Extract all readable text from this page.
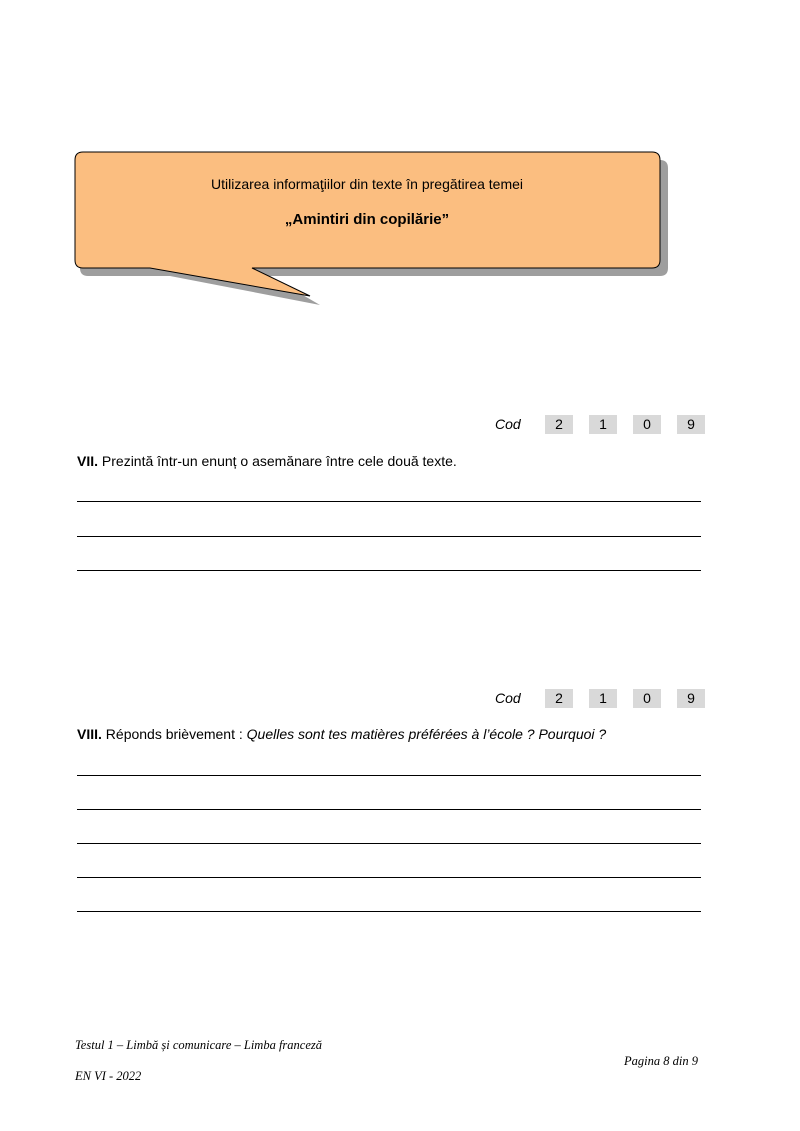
Utilizarea informaţiilor din texte în pregătirea temei
„Amintiri din copilărie”
Cod	2	1	0	9
VII. Prezintă într-un enunț o asemănare între cele două texte.
Cod	2	1	0	9
VIII. Réponds brièvement : Quelles sont tes matières préférées à l’école ? Pourquoi ?
Testul 1 – Limbă și comunicare – Limba franceză
EN VI - 2022
Pagina 8 din 9
